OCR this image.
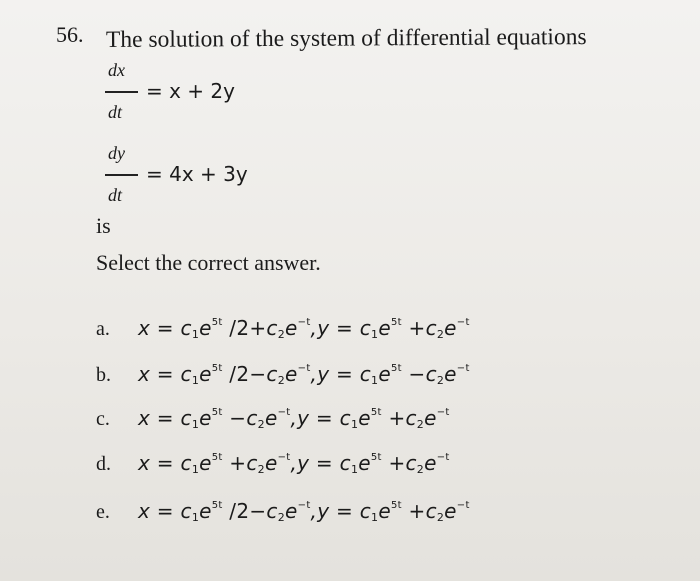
56. The solution of the system of differential equations
dx
dt
= x + 2y
dy
dt
= 4x + 3y
is
Select the correct answer.
a. $x = c_1e^{5t}$ $/2+c_2e^{-t},y = c_1e^{5t} +c_2e^{-t}$
b. $x = c_1e^{5t}$ $/2-c_2e^{-t},y = c_1e^{5t} -c_2e^{-t}$
c. $x = c_1e^{5t} -c_2e^{-t},y = c_1e^{5t} +c_2e^{-t}$
d. $x = c_1e^{5t} +c_2e^{-t},y = c_1e^{5t} +c_2e^{-t}$
e. $x = c_1e^{5t}$ $/2-c_2e^{-t},y = c_1e^{5t} +c_2e^{-t}$
